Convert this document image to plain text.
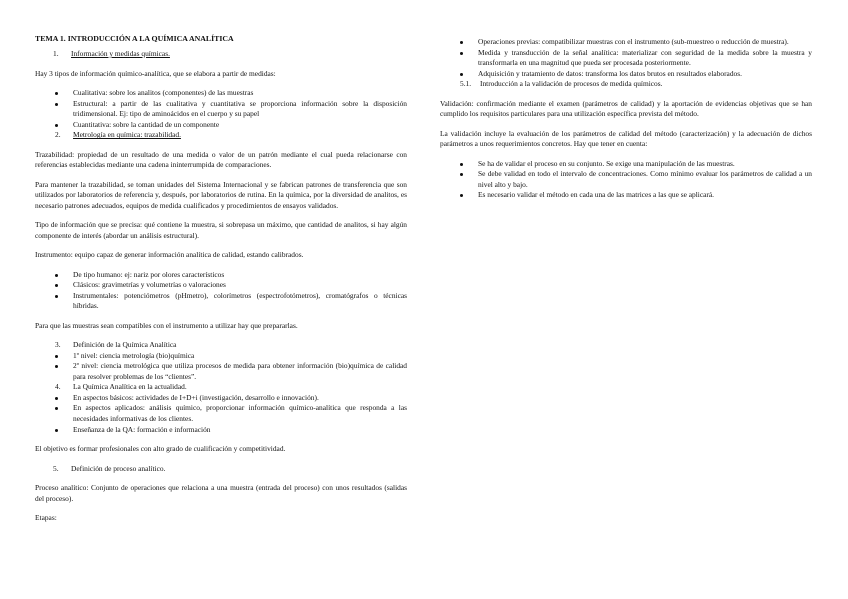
TEMA 1. INTRODUCCIÓN A LA QUÍMICA ANALÍTICA
1.	Información y medidas químicas.

Hay 3 tipos de información químico-analítica, que se elabora a partir de medidas:

Cualitativa: sobre los analitos (componentes) de las muestras
Estructural: a partir de las cualitativa y cuantitativa se proporciona información sobre la disposición tridimensional. Ej: tipo de aminoácidos en el cuerpo y su papel
Cuantitativa: sobre la cantidad de un componente
2. Metrología en química: trazabilidad.

Trazabilidad: propiedad de un resultado de una medida o valor de un patrón mediante el cual pueda relacionarse con referencias establecidas mediante una cadena ininterrumpida de comparaciones.

Para mantener la trazabilidad, se toman unidades del Sistema Internacional y se fabrican patrones de transferencia que son utilizados por laboratorios de referencia y, después, por laboratorios de rutina. En la química, por la diversidad de analitos, es necesario patrones adecuados, equipos de medida cualificados y procedimientos de ensayos validados.

Tipo de información que se precisa: qué contiene la muestra, si sobrepasa un máximo, que cantidad de analitos, si hay algún componente de interés (abordar un análisis estructural).

Instrumento: equipo capaz de generar información analítica de calidad, estando calibrados.

De tipo humano: ej: nariz por olores característicos
Clásicos: gravimetrías y volumetrías o valoraciones
Instrumentales: potenciómetros (pHmetro), colorímetros (espectrofotómetros), cromatógrafos o técnicas híbridas.

Para que las muestras sean compatibles con el instrumento a utilizar hay que prepararlas.

3. Definición de la Química Analítica
1º nivel: ciencia metrología (bio)química
2º nivel: ciencia metrológica que utiliza procesos de medida para obtener información (bio)química de calidad para resolver problemas de los “clientes”.
4. La Química Analítica en la actualidad.
En aspectos básicos: actividades de I+D+i (investigación, desarrollo e innovación).
En aspectos aplicados: análisis químico, proporcionar información químico-analítica que responda a las necesidades informativas de los clientes.
Enseñanza de la QA: formación e información

El objetivo es formar profesionales con alto grado de cualificación y competitividad.

5.	Definición de proceso analítico.

Proceso analítico: Conjunto de operaciones que relaciona a una muestra (entrada del proceso) con unos resultados (salidas del proceso).

Etapas:

Operaciones previas: compatibilizar muestras con el instrumento (sub-muestreo o reducción de muestra).
Medida y transducción de la señal analítica: materializar con seguridad de la medida sobre la muestra y transformarla en una magnitud que pueda ser procesada posteriormente.
Adquisición y tratamiento de datos: transforma los datos brutos en resultados elaborados.
5.1.	Introducción a la validación de procesos de medida químicos.

Validación: confirmación mediante el examen (parámetros de calidad) y la aportación de evidencias objetivas que se han cumplido los requisitos particulares para una utilización específica prevista del método.

La validación incluye la evaluación de los parámetros de calidad del método (caracterización) y la adecuación de dichos parámetros a unos requerimientos concretos. Hay que tener en cuenta:

Se ha de validar el proceso en su conjunto. Se exige una manipulación de las muestras.
Se debe validad en todo el intervalo de concentraciones. Como mínimo evaluar los parámetros de calidad a un nivel alto y bajo.
Es necesario validar el método en cada una de las matrices a las que se aplicará.
